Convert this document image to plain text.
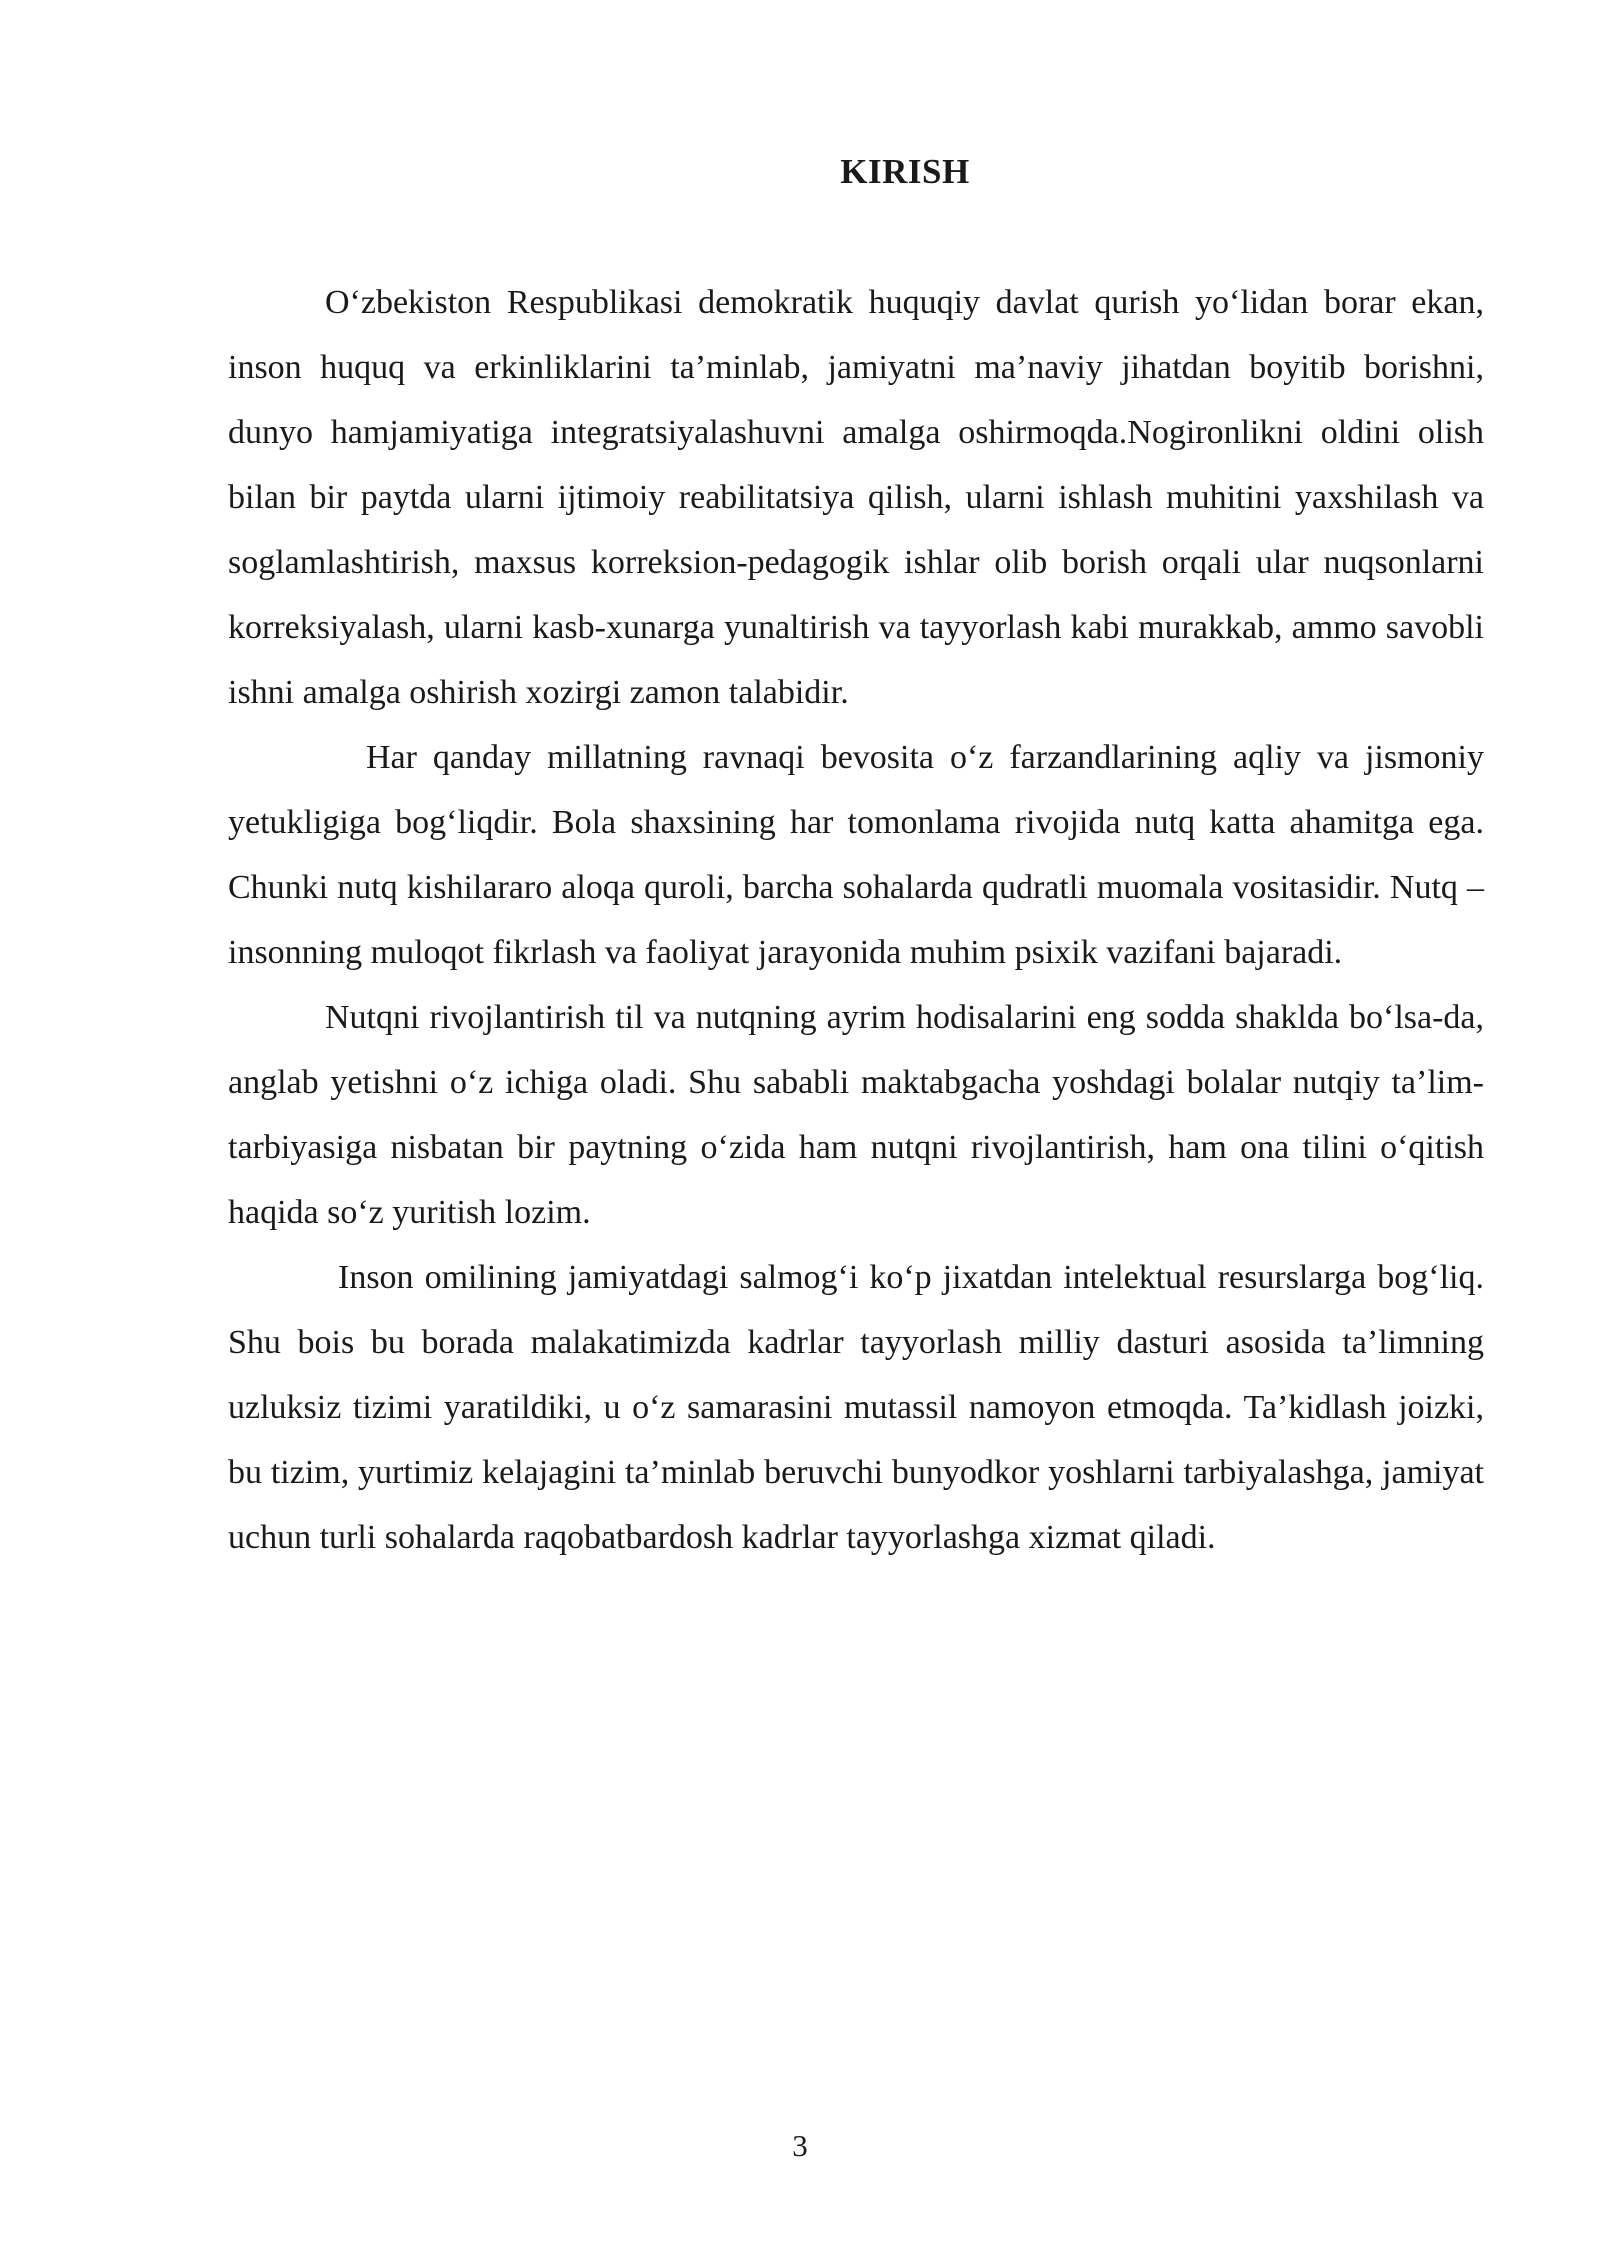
KIRISH

O‘zbekiston Respublikasi demokratik huquqiy davlat qurish yo‘lidan borar ekan, inson huquq va erkinliklarini ta’minlab, jamiyatni ma’naviy jihatdan boyitib borishni, dunyo hamjamiyatiga integratsiyalashuvni amalga oshirmoqda.Nogironlikni oldini olish bilan bir paytda ularni ijtimoiy reabilitatsiya qilish, ularni ishlash muhitini yaxshilash va soglamlashtirish, maxsus korreksion-pedagogik ishlar olib borish orqali ular nuqsonlarni korreksiyalash, ularni kasb-xunarga yunaltirish va tayyorlash kabi murakkab, ammo savobli ishni amalga oshirish xozirgi zamon talabidir.

Har qanday millatning ravnaqi bevosita o‘z farzandlarining aqliy va jismoniy yetukligiga bog‘liqdir. Bola shaxsining har tomonlama rivojida nutq katta ahamitga ega. Chunki nutq kishilararo aloqa quroli, barcha sohalarda qudratli muomala vositasidir. Nutq – insonning muloqot fikrlash va faoliyat jarayonida muhim psixik vazifani bajaradi.

Nutqni rivojlantirish til va nutqning ayrim hodisalarini eng sodda shaklda bo‘lsa-da, anglab yetishni o‘z ichiga oladi. Shu sababli maktabgacha yoshdagi bolalar nutqiy ta’lim-tarbiyasiga nisbatan bir paytning o‘zida ham nutqni rivojlantirish, ham ona tilini o‘qitish haqida so‘z yuritish lozim.

Inson omilining jamiyatdagi salmog‘i ko‘p jixatdan intelektual resurslarga bog‘liq. Shu bois bu borada malakatimizda kadrlar tayyorlash milliy dasturi asosida ta’limning uzluksiz tizimi yaratildiki, u o‘z samarasini mutassil namoyon etmoqda. Ta’kidlash joizki, bu tizim, yurtimiz kelajagini ta’minlab beruvchi bunyodkor yoshlarni tarbiyalashga, jamiyat uchun turli sohalarda raqobatbardosh kadrlar tayyorlashga xizmat qiladi.

3
